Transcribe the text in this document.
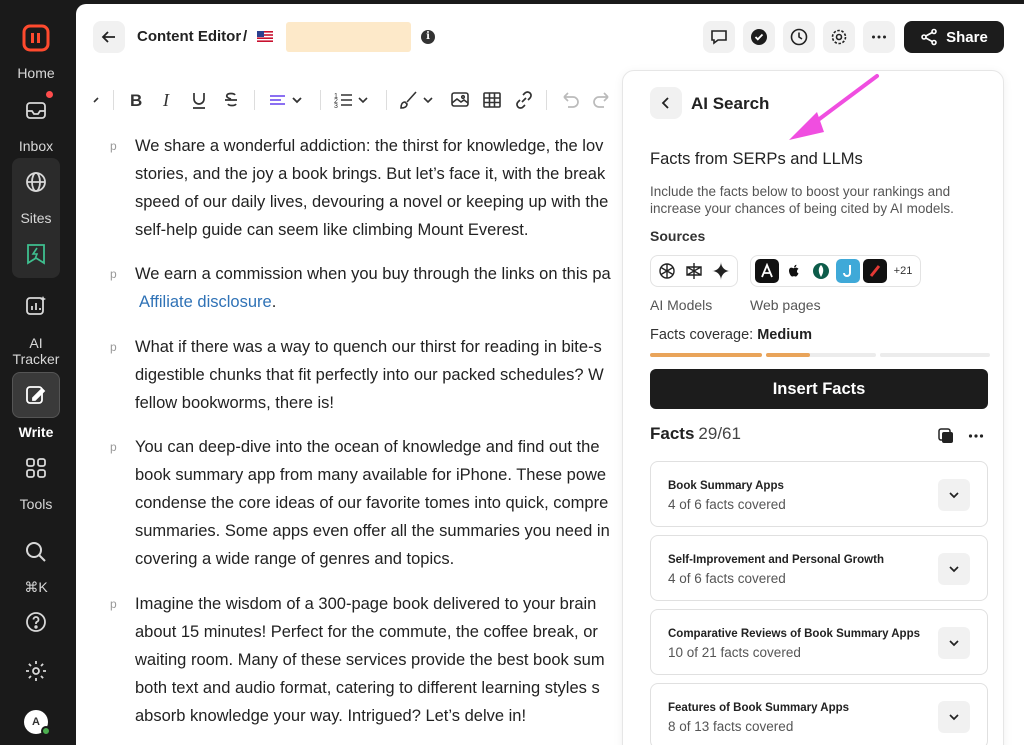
Home
Inbox
Sites
AI Tracker
Write
Tools
⌘K
A
Content Editor /	i	Share
B I	1
2
3
p We share a wonderful addiction: the thirst for knowledge, the lov
stories, and the joy a book brings. But let’s face it, with the break
speed of our daily lives, devouring a novel or keeping up with the
self-help guide can seem like climbing Mount Everest.
p We earn a commission when you buy through the links on this pa
Affiliate disclosure.
p What if there was a way to quench our thirst for reading in bite-s
digestible chunks that fit perfectly into our packed schedules? W
fellow bookworms, there is!
p You can deep-dive into the ocean of knowledge and find out the
book summary app from many available for iPhone. These powe
condense the core ideas of our favorite tomes into quick, compre
summaries. Some apps even offer all the summaries you need in
covering a wide range of genres and topics.
p Imagine the wisdom of a 300-page book delivered to your brain
about 15 minutes! Perfect for the commute, the coffee break, or
waiting room. Many of these services provide the best book sum
both text and audio format, catering to different learning styles s
absorb knowledge your way. Intrigued? Let’s delve in!
AI Search
Facts from SERPs and LLMs
Include the facts below to boost your rankings and increase your chances of being cited by AI models.
Sources
+21
AI Models	Web pages
Facts coverage: Medium
Insert Facts
Facts 29/61
Book Summary Apps
4 of 6 facts covered
Self-Improvement and Personal Growth
4 of 6 facts covered
Comparative Reviews of Book Summary Apps
10 of 21 facts covered
Features of Book Summary Apps
8 of 13 facts covered
